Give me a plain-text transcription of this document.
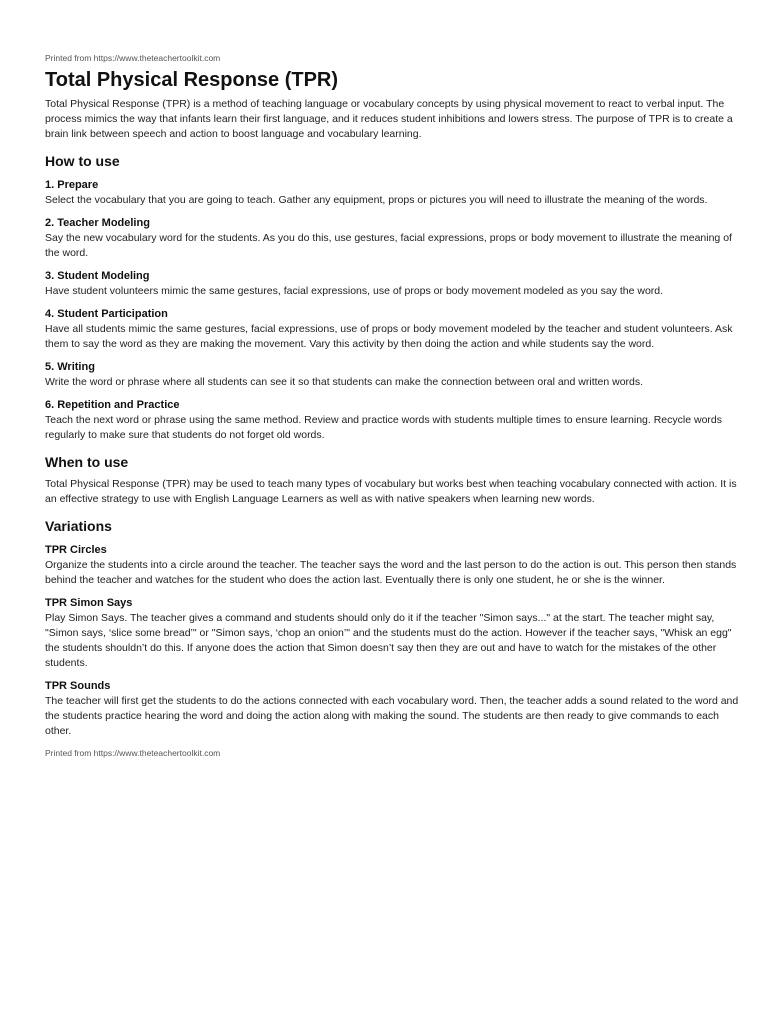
Printed from https://www.theteachertoolkit.com

Total Physical Response (TPR)

Total Physical Response (TPR) is a method of teaching language or vocabulary concepts by using physical movement to react to verbal input. The process mimics the way that infants learn their first language, and it reduces student inhibitions and lowers stress. The purpose of TPR is to create a brain link between speech and action to boost language and vocabulary learning.

How to use
1. Prepare

Select the vocabulary that you are going to teach. Gather any equipment, props or pictures you will need to illustrate the meaning of the words.

2. Teacher Modeling

Say the new vocabulary word for the students. As you do this, use gestures, facial expressions, props or body movement to illustrate the meaning of the word.

3. Student Modeling

Have student volunteers mimic the same gestures, facial expressions, use of props or body movement modeled as you say the word.

4. Student Participation

Have all students mimic the same gestures, facial expressions, use of props or body movement modeled by the teacher and student volunteers. Ask them to say the word as they are making the movement. Vary this activity by then doing the action and while students say the word.

5. Writing

Write the word or phrase where all students can see it so that students can make the connection between oral and written words.

6. Repetition and Practice

Teach the next word or phrase using the same method. Review and practice words with students multiple times to ensure learning. Recycle words regularly to make sure that students do not forget old words.

When to use

Total Physical Response (TPR) may be used to teach many types of vocabulary but works best when teaching vocabulary connected with action. It is an effective strategy to use with English Language Learners as well as with native speakers when learning new words.

Variations
TPR Circles

Organize the students into a circle around the teacher. The teacher says the word and the last person to do the action is out. This person then stands behind the teacher and watches for the student who does the action last. Eventually there is only one student, he or she is the winner.

TPR Simon Says

Play Simon Says. The teacher gives a command and students should only do it if the teacher "Simon says..." at the start. The teacher might say, "Simon says, ‘slice some bread’" or "Simon says, ‘chop an onion’" and the students must do the action. However if the teacher says, "Whisk an egg" the students shouldn’t do this. If anyone does the action that Simon doesn’t say then they are out and have to watch for the mistakes of the other students.

TPR Sounds

The teacher will first get the students to do the actions connected with each vocabulary word. Then, the teacher adds a sound related to the word and the students practice hearing the word and doing the action along with making the sound. The students are then ready to give commands to each other.

Printed from https://www.theteachertoolkit.com
